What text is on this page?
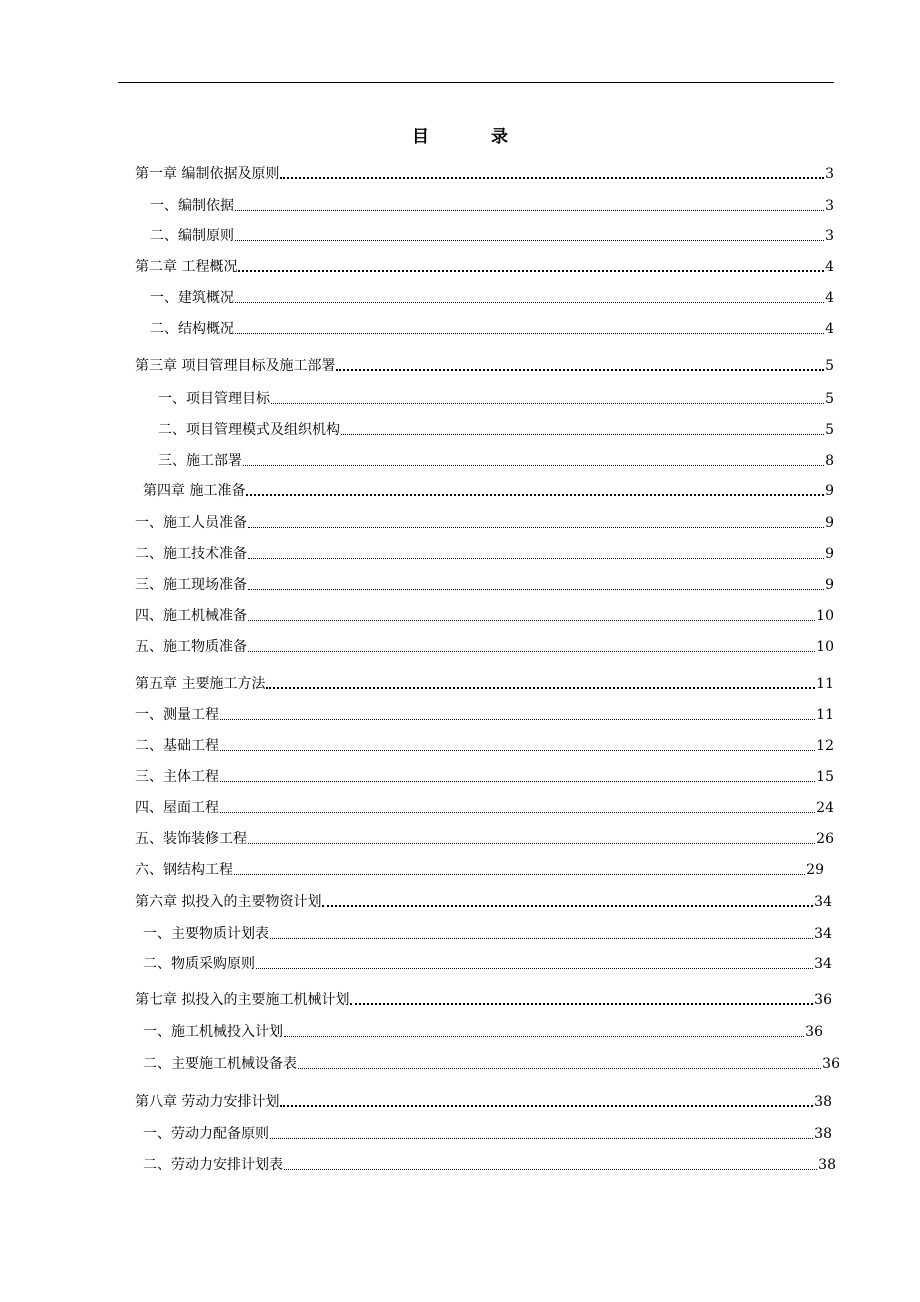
目 录
第一章 编制依据及原则	3
一、编制依据	3
二、编制原则	3
第二章 工程概况	4
一、建筑概况	4
二、结构概况	4
第三章 项目管理目标及施工部署	5
一、项目管理目标	5
二、项目管理模式及组织机构	5
三、施工部署	8
第四章 施工准备	9
一、施工人员准备	9
二、施工技术准备	9
三、施工现场准备	9
四、施工机械准备	10
五、施工物质准备	10
第五章 主要施工方法	11
一、测量工程	11
二、基础工程	12
三、主体工程	15
四、屋面工程	24
五、装饰装修工程	26
六、钢结构工程	29
第六章 拟投入的主要物资计划	34
一、主要物质计划表	34
二、物质采购原则	34
第七章 拟投入的主要施工机械计划	36
一、施工机械投入计划	36
二、主要施工机械设备表	36
第八章 劳动力安排计划	38
一、劳动力配备原则	38
二、劳动力安排计划表	38
